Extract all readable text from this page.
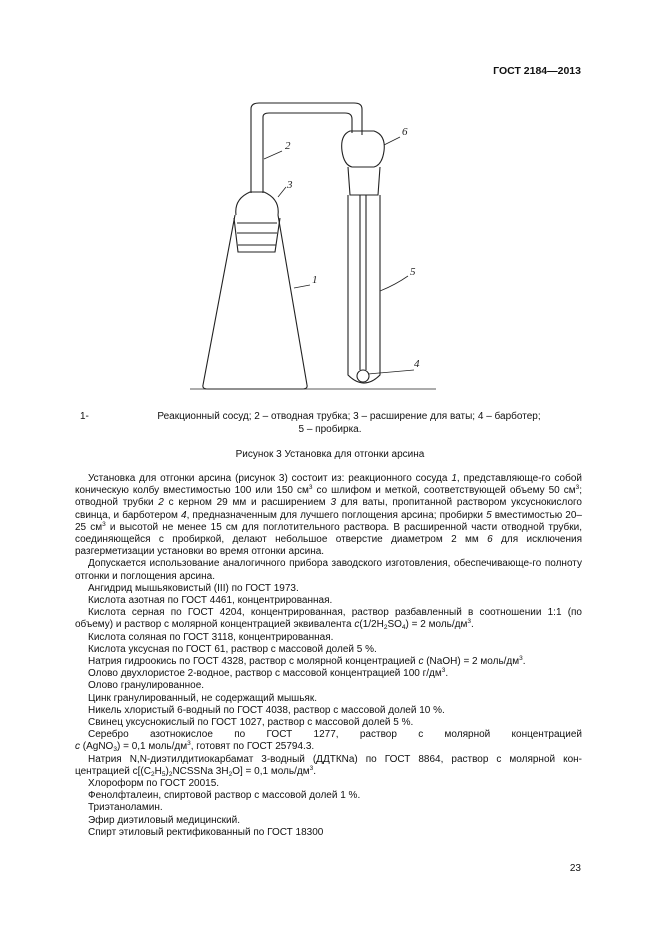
ГОСТ 2184—2013
2
3
1
6
5
4
1-	Реакционный сосуд; 2 – отводная трубка; 3 – расширение для ваты; 4 – барботер;
5 – пробирка.
Рисунок 3 Установка для отгонки арсина

Установка для отгонки арсина (рисунок 3) состоит из: реакционного сосуда 1, представляюще-го собой коническую колбу вместимостью 100 или 150 $см^3$ со шлифом и меткой, соответствующей объему 50 $см^3$; отводной трубки 2 с керном 29 мм и расширением 3 для ваты, пропитанной раствором уксуснокислого свинца, и барботером 4, предназначенным для лучшего поглощения арсина; пробирки 5 вместимостью 20–25 $см^3$ и высотой не менее 15 см для поглотительного раствора. В расширенной части отводной трубки, соединяющейся с пробиркой, делают небольшое отверстие диаметром 2 мм 6 для исключения разгерметизации установки во время отгонки арсина.

Допускается использование аналогичного прибора заводского изготовления, обеспечивающе-го полноту отгонки и поглощения арсина.

Ангидрид мышьяковистый (III) по ГОСТ 1973.

Кислота азотная по ГОСТ 4461, концентрированная.

Кислота серная по ГОСТ 4204, концентрированная, раствор разбавленный в соотношении 1:1 (по объему) и раствор с молярной концентрацией эквивалента $c(1/2H_2SO_4) = 2$ моль/$дм^3$.

Кислота соляная по ГОСТ 3118, концентрированная.

Кислота уксусная по ГОСТ 61, раствор с массовой долей 5 %.

Натрия гидроокись по ГОСТ 4328, раствор с молярной концентрацией c (NaOH) = 2 моль/$дм^3$.

Олово двухлористое 2-водное, раствор с массовой концентрацией 100 $г/дм^3$.

Олово гранулированное.

Цинк гранулированный, не содержащий мышьяк.

Никель хлористый 6-водный по ГОСТ 4038, раствор с массовой долей 10 %.

Свинец уксуснокислый по ГОСТ 1027, раствор с массовой долей 5 %.

Серебро азотнокислое по ГОСТ 1277, раствор с молярной концентрацией

c (AgNO$_3$) = 0,1 моль/$дм^3$, готовят по ГОСТ 25794.3.

Натрия N,N-диэтилдитиокарбамат 3-водный (ДДТКNa) по ГОСТ 8864, раствор с молярной кон-центрацией $c[(C_2H_5)_2NCSSNa$ $3H_2O] = 0,1$ моль/$дм^3$.

Хлороформ по ГОСТ 20015.

Фенолфталеин, спиртовой раствор с массовой долей 1 %.

Триэтаноламин.

Эфир диэтиловый медицинский.

Спирт этиловый ректификованный по ГОСТ 18300

23
